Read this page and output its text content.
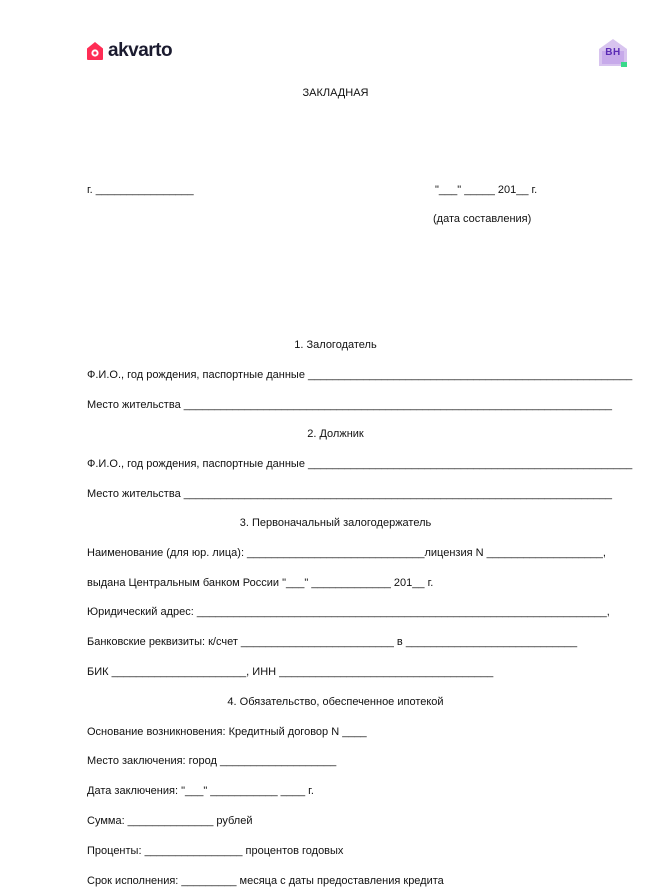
akvarto	ВН
ЗАКЛАДНАЯ
г. ________________	"___" _____ 201__ г.
(дата составления)
1. Залогодатель
Ф.И.О., год рождения, паспортные данные _____________________________________________________
Место жительства ______________________________________________________________________
2. Должник
Ф.И.О., год рождения, паспортные данные _____________________________________________________
Место жительства ______________________________________________________________________
3. Первоначальный залогодержатель
Наименование (для юр. лица): _____________________________лицензия N ___________________,
выдана Центральным банком России "___" _____________ 201__ г.
Юридический адрес: ___________________________________________________________________,
Банковские реквизиты: к/счет _________________________ в ____________________________
БИК ______________________, ИНН ___________________________________
4. Обязательство, обеспеченное ипотекой
Основание возникновения: Кредитный договор N ____
Место заключения: город ___________________
Дата заключения: "___" ___________ ____ г.
Сумма: ______________ рублей
Проценты: ________________ процентов годовых
Срок исполнения: _________ месяца с даты предоставления кредита
